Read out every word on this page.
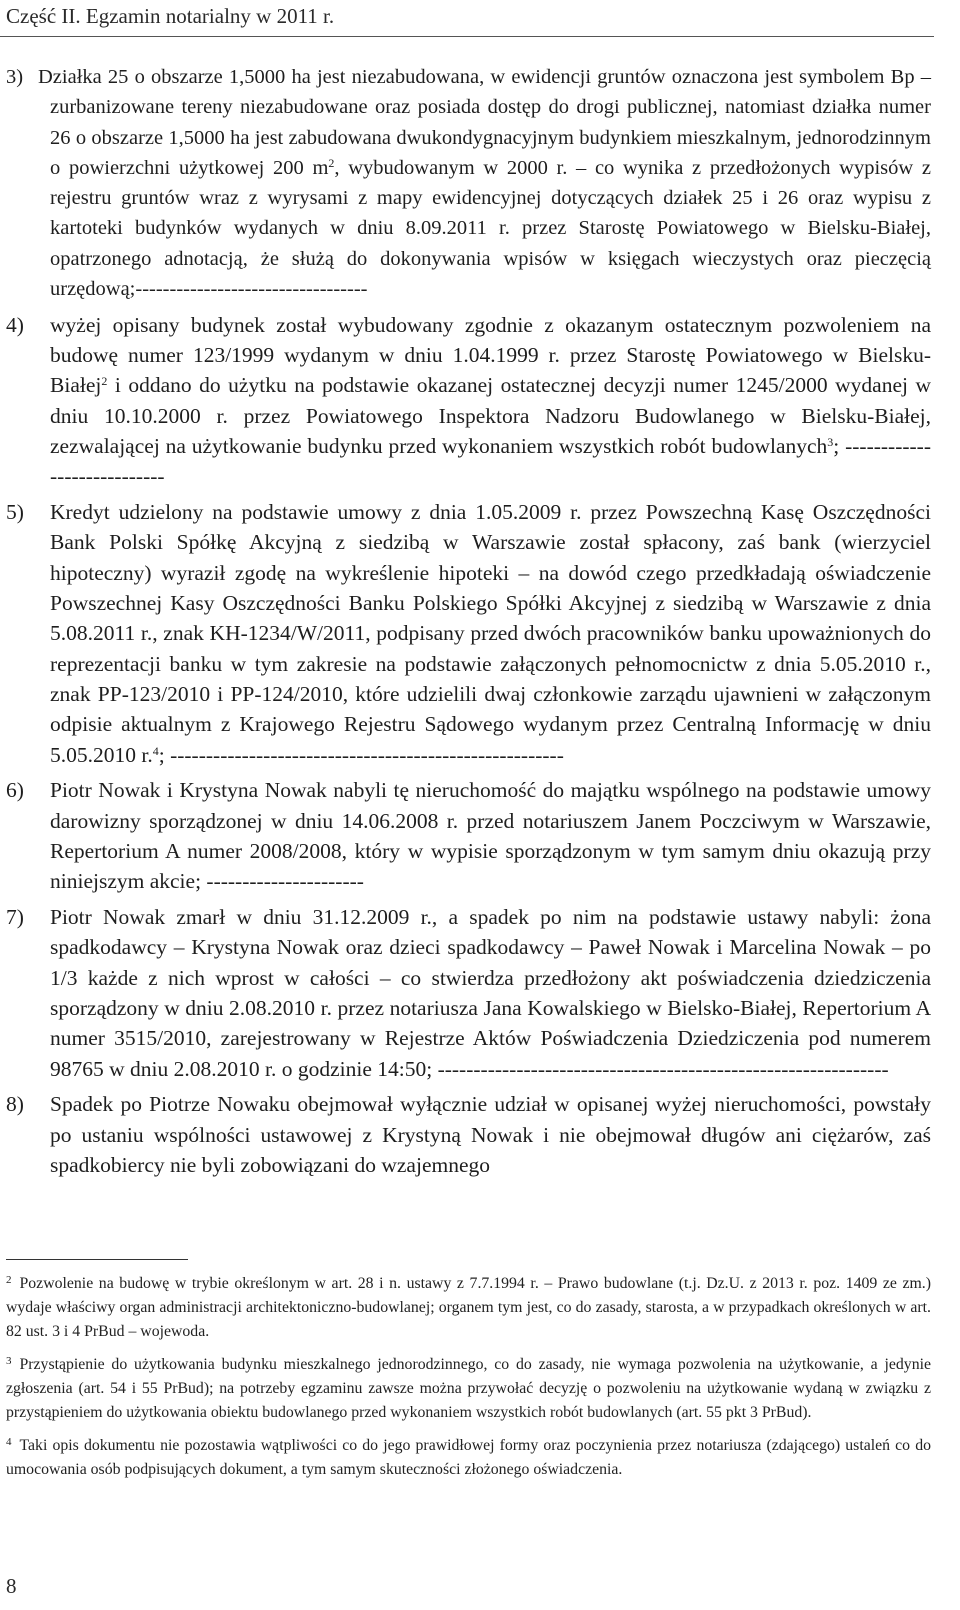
Część II. Egzamin notarialny w 2011 r.
3) Działka 25 o obszarze 1,5000 ha jest niezabudowana, w ewidencji gruntów oznaczona jest symbolem Bp – zurbanizowane tereny niezabudowane oraz posiada dostęp do drogi publicznej, natomiast działka numer 26 o obszarze 1,5000 ha jest zabudowana dwukondygnacyjnym budynkiem mieszkalnym, jednorodzinnym o powierzchni użytkowej 200 $m^2$, wybudowanym w 2000 r. – co wynika z przedłożonych wypisów z rejestru gruntów wraz z wyrysami z mapy ewidencyjnej dotyczących działek 25 i 26 oraz wypisu z kartoteki budynków wydanych w dniu 8.09.2011 r. przez Starostę Powiatowego w Bielsku-Białej, opatrzonego adnotacją, że służą do dokonywania wpisów w księgach wieczystych oraz pieczęcią urzędową;----------------------------------
4) wyżej opisany budynek został wybudowany zgodnie z okazanym ostatecznym pozwoleniem na budowę numer 123/1999 wydanym w dniu 1.04.1999 r. przez Starostę Powiatowego w Bielsku-Białej$^2$ i oddano do użytku na podstawie okazanej ostatecznej decyzji numer 1245/2000 wydanej w dniu 10.10.2000 r. przez Powiatowego Inspektora Nadzoru Budowlanego w Bielsku-Białej, zezwalającej na użytkowanie budynku przed wykonaniem wszystkich robót budowlanych$^3$; ----------------------------
5) Kredyt udzielony na podstawie umowy z dnia 1.05.2009 r. przez Powszechną Kasę Oszczędności Bank Polski Spółkę Akcyjną z siedzibą w Warszawie został spłacony, zaś bank (wierzyciel hipoteczny) wyraził zgodę na wykreślenie hipoteki – na dowód czego przedkładają oświadczenie Powszechnej Kasy Oszczędności Banku Polskiego Spółki Akcyjnej z siedzibą w Warszawie z dnia 5.08.2011 r., znak KH-1234/W/2011, podpisany przed dwóch pracowników banku upoważnionych do reprezentacji banku w tym zakresie na podstawie załączonych pełnomocnictw z dnia 5.05.2010 r., znak PP-123/2010 i PP-124/2010, które udzielili dwaj członkowie zarządu ujawnieni w załączonym odpisie aktualnym z Krajowego Rejestru Sądowego wydanym przez Centralną Informację w dniu 5.05.2010 r.$^4$; -------------------------------------------------------
6) Piotr Nowak i Krystyna Nowak nabyli tę nieruchomość do majątku wspólnego na podstawie umowy darowizny sporządzonej w dniu 14.06.2008 r. przed notariuszem Janem Poczciwym w Warszawie, Repertorium A numer 2008/2008, który w wypisie sporządzonym w tym samym dniu okazują przy niniejszym akcie; ----------------------
7) Piotr Nowak zmarł w dniu 31.12.2009 r., a spadek po nim na podstawie ustawy nabyli: żona spadkodawcy – Krystyna Nowak oraz dzieci spadkodawcy – Paweł Nowak i Marcelina Nowak – po 1/3 każde z nich wprost w całości – co stwierdza przedłożony akt poświadczenia dziedziczenia sporządzony w dniu 2.08.2010 r. przez notariusza Jana Kowalskiego w Bielsko-Białej, Repertorium A numer 3515/2010, zarejestrowany w Rejestrze Aktów Poświadczenia Dziedziczenia pod numerem 98765 w dniu 2.08.2010 r. o godzinie 14:50; ---------------------------------------------------------------
8) Spadek po Piotrze Nowaku obejmował wyłącznie udział w opisanej wyżej nieruchomości, powstały po ustaniu wspólności ustawowej z Krystyną Nowak i nie obejmował długów ani ciężarów, zaś spadkobiercy nie byli zobowiązani do wzajemnego

$^2$ Pozwolenie na budowę w trybie określonym w art. 28 i n. ustawy z 7.7.1994 r. – Prawo budowlane (t.j. Dz.U. z 2013 r. poz. 1409 ze zm.) wydaje właściwy organ administracji architektoniczno-budowlanej; organem tym jest, co do zasady, starosta, a w przypadkach określonych w art. 82 ust. 3 i 4 PrBud – wojewoda.

$^3$ Przystąpienie do użytkowania budynku mieszkalnego jednorodzinnego, co do zasady, nie wymaga pozwolenia na użytkowanie, a jedynie zgłoszenia (art. 54 i 55 PrBud); na potrzeby egzaminu zawsze można przywołać decyzję o pozwoleniu na użytkowanie wydaną w związku z przystąpieniem do użytkowania obiektu budowlanego przed wykonaniem wszystkich robót budowlanych (art. 55 pkt 3 PrBud).

$^4$ Taki opis dokumentu nie pozostawia wątpliwości co do jego prawidłowej formy oraz poczynienia przez notariusza (zdającego) ustaleń co do umocowania osób podpisujących dokument, a tym samym skuteczności złożonego oświadczenia.

8
